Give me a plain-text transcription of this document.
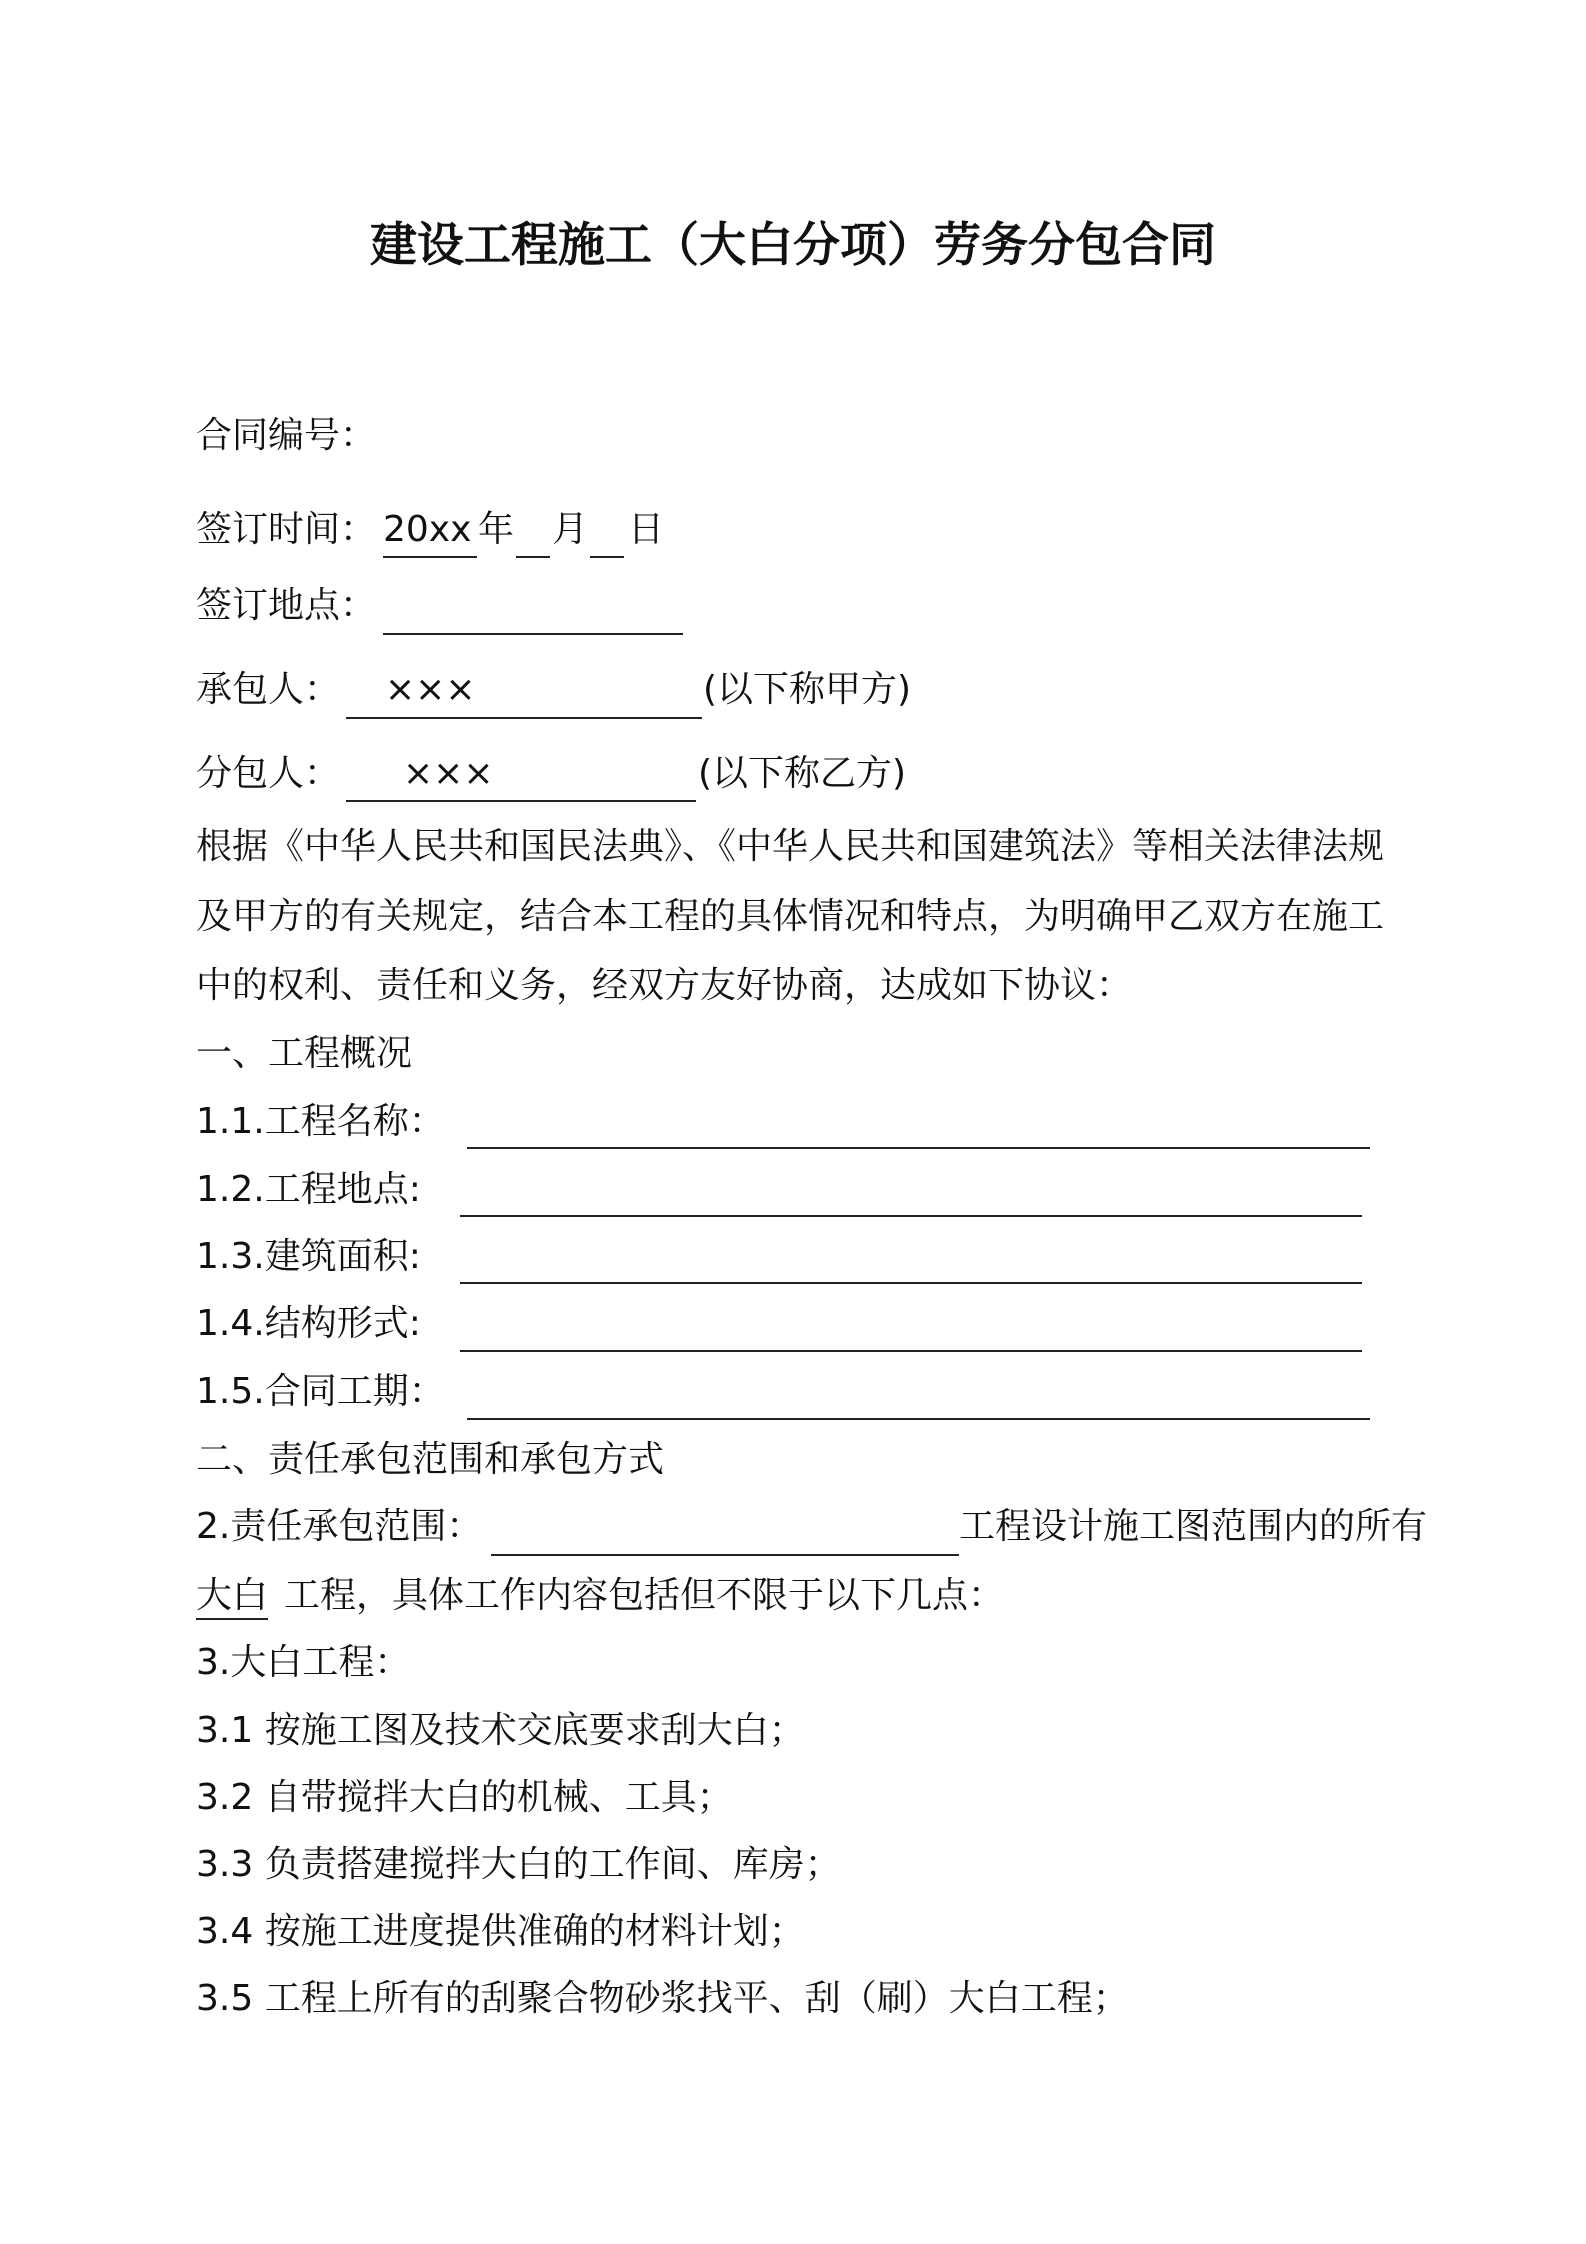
建设工程施工（大白分项）劳务分包合同
合同编号：
签订时间： 20xx 年 月 日
签订地点：
承包人： ×××	(以下称甲方)
分包人： ×××	(以下称乙方)
根据《中华人民共和国民法典》、《中华人民共和国建筑法》等相关法律法规
及甲方的有关规定，结合本工程的具体情况和特点，为明确甲乙双方在施工
中的权利、责任和义务，经双方友好协商，达成如下协议：
一、工程概况
1.1.工程名称：
1.2.工程地点:
1.3.建筑面积:
1.4.结构形式:
1.5.合同工期：
二、责任承包范围和承包方式
2.责任承包范围：	工程设计施工图范围内的所有
大白 工程，具体工作内容包括但不限于以下几点：
3.大白工程：
3.1 按施工图及技术交底要求刮大白；
3.2 自带搅拌大白的机械、工具；
3.3 负责搭建搅拌大白的工作间、库房；
3.4 按施工进度提供准确的材料计划；
3.5 工程上所有的刮聚合物砂浆找平、刮（刷）大白工程；
